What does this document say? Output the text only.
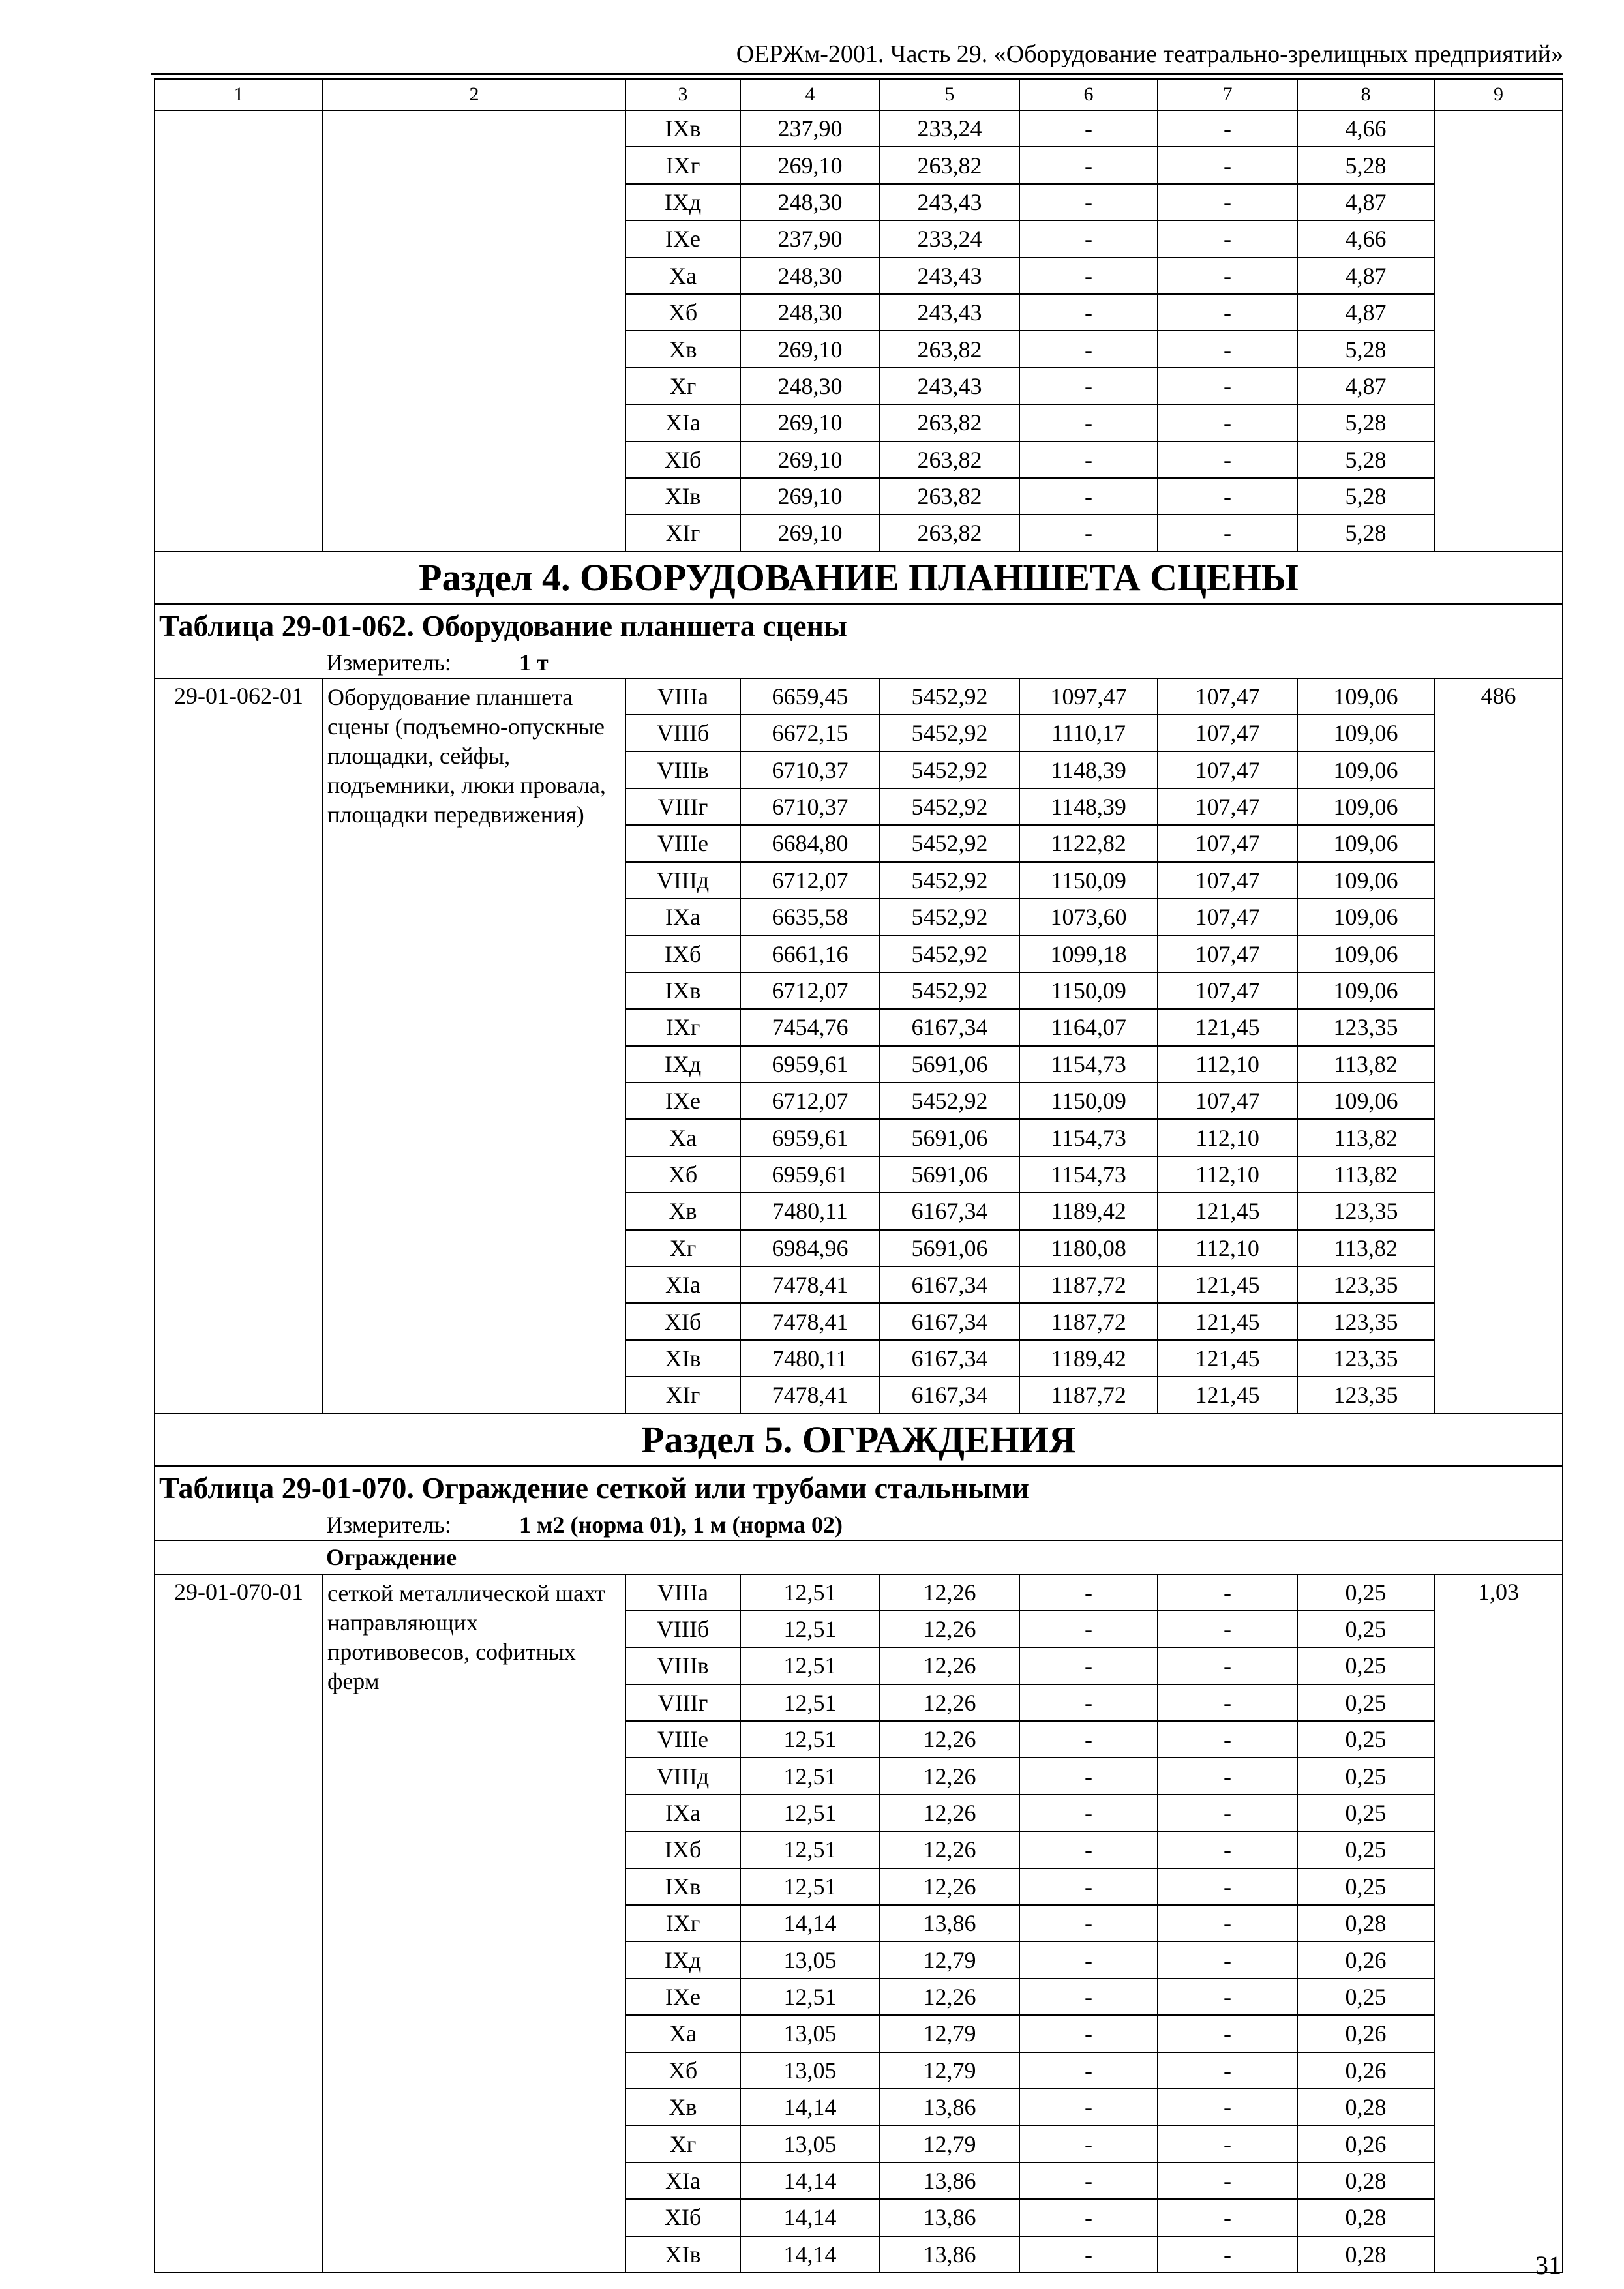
ОЕРЖм-2001. Часть 29. «Оборудование театрально-зрелищных предприятий»
1	2	3	4	5	6	7	8	9
		IXв	237,90	233,24	-	-	4,66	
		IXг	269,10	263,82	-	-	5,28	
		IXд	248,30	243,43	-	-	4,87	
		IXе	237,90	233,24	-	-	4,66	
		Xа	248,30	243,43	-	-	4,87	
		Xб	248,30	243,43	-	-	4,87	
		Xв	269,10	263,82	-	-	5,28	
		Xг	248,30	243,43	-	-	4,87	
		XIа	269,10	263,82	-	-	5,28	
		XIб	269,10	263,82	-	-	5,28	
		XIв	269,10	263,82	-	-	5,28	
		XIг	269,10	263,82	-	-	5,28	
Раздел 4. ОБОРУДОВАНИЕ ПЛАНШЕТА СЦЕНЫ								
Таблица 29-01-062. Оборудование планшета сцены								
Измеритель: 1 т								
29-01-062-01	Оборудование планшета сцены (подъемно-опускные площадки, сейфы, подъемники, люки провала, площадки передвижения)	VIIIа	6659,45	5452,92	1097,47	107,47	109,06	486
		VIIIб	6672,15	5452,92	1110,17	107,47	109,06	
		VIIIв	6710,37	5452,92	1148,39	107,47	109,06	
		VIIIг	6710,37	5452,92	1148,39	107,47	109,06	
		VIIIе	6684,80	5452,92	1122,82	107,47	109,06	
		VIIIд	6712,07	5452,92	1150,09	107,47	109,06	
		IXа	6635,58	5452,92	1073,60	107,47	109,06	
		IXб	6661,16	5452,92	1099,18	107,47	109,06	
		IXв	6712,07	5452,92	1150,09	107,47	109,06	
		IXг	7454,76	6167,34	1164,07	121,45	123,35	
		IXд	6959,61	5691,06	1154,73	112,10	113,82	
		IXе	6712,07	5452,92	1150,09	107,47	109,06	
		Xа	6959,61	5691,06	1154,73	112,10	113,82	
		Xб	6959,61	5691,06	1154,73	112,10	113,82	
		Xв	7480,11	6167,34	1189,42	121,45	123,35	
		Xг	6984,96	5691,06	1180,08	112,10	113,82	
		XIа	7478,41	6167,34	1187,72	121,45	123,35	
		XIб	7478,41	6167,34	1187,72	121,45	123,35	
		XIв	7480,11	6167,34	1189,42	121,45	123,35	
		XIг	7478,41	6167,34	1187,72	121,45	123,35	
Раздел 5. ОГРАЖДЕНИЯ								
Таблица 29-01-070. Ограждение сеткой или трубами стальными								
Измеритель: 1 м2 (норма 01), 1 м (норма 02)								
Ограждение								
29-01-070-01	сеткой металлической шахт направляющих противовесов, софитных ферм	VIIIа	12,51	12,26	-	-	0,25	1,03
		VIIIб	12,51	12,26	-	-	0,25	
		VIIIв	12,51	12,26	-	-	0,25	
		VIIIг	12,51	12,26	-	-	0,25	
		VIIIе	12,51	12,26	-	-	0,25	
		VIIIд	12,51	12,26	-	-	0,25	
		IXа	12,51	12,26	-	-	0,25	
		IXб	12,51	12,26	-	-	0,25	
		IXв	12,51	12,26	-	-	0,25	
		IXг	14,14	13,86	-	-	0,28	
		IXд	13,05	12,79	-	-	0,26	
		IXе	12,51	12,26	-	-	0,25	
		Xа	13,05	12,79	-	-	0,26	
		Xб	13,05	12,79	-	-	0,26	
		Xв	14,14	13,86	-	-	0,28	
		Xг	13,05	12,79	-	-	0,26	
		XIа	14,14	13,86	-	-	0,28	
		XIб	14,14	13,86	-	-	0,28	
		XIв	14,14	13,86	-	-	0,28		31
